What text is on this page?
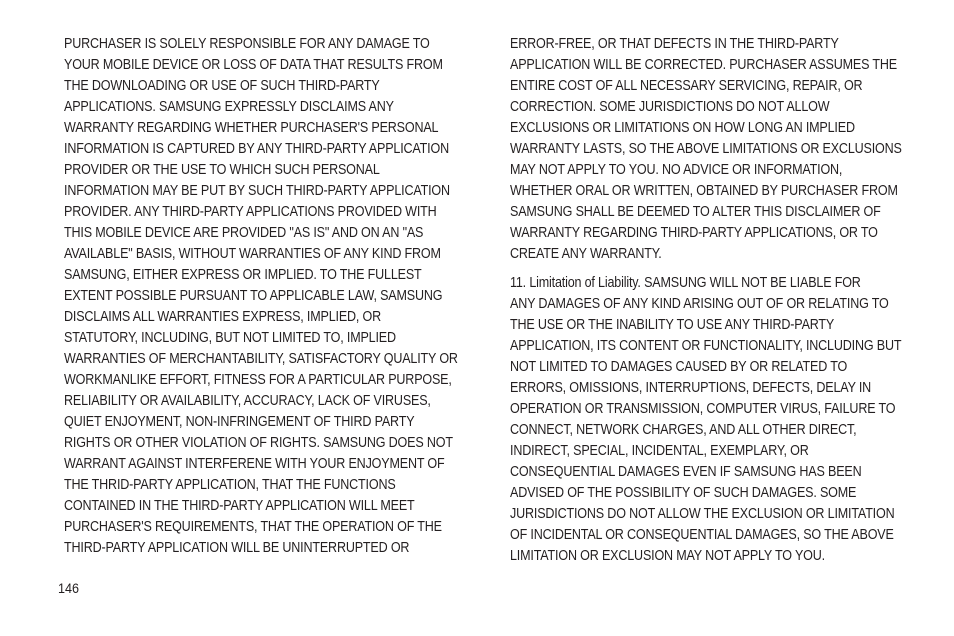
PURCHASER IS SOLELY RESPONSIBLE FOR ANY DAMAGE TO
YOUR MOBILE DEVICE OR LOSS OF DATA THAT RESULTS FROM
THE DOWNLOADING OR USE OF SUCH THIRD-PARTY
APPLICATIONS. SAMSUNG EXPRESSLY DISCLAIMS ANY
WARRANTY REGARDING WHETHER PURCHASER'S PERSONAL
INFORMATION IS CAPTURED BY ANY THIRD-PARTY APPLICATION
PROVIDER OR THE USE TO WHICH SUCH PERSONAL
INFORMATION MAY BE PUT BY SUCH THIRD-PARTY APPLICATION
PROVIDER. ANY THIRD-PARTY APPLICATIONS PROVIDED WITH
THIS MOBILE DEVICE ARE PROVIDED "AS IS" AND ON AN "AS
AVAILABLE" BASIS, WITHOUT WARRANTIES OF ANY KIND FROM
SAMSUNG, EITHER EXPRESS OR IMPLIED. TO THE FULLEST
EXTENT POSSIBLE PURSUANT TO APPLICABLE LAW, SAMSUNG
DISCLAIMS ALL WARRANTIES EXPRESS, IMPLIED, OR
STATUTORY, INCLUDING, BUT NOT LIMITED TO, IMPLIED
WARRANTIES OF MERCHANTABILITY, SATISFACTORY QUALITY OR
WORKMANLIKE EFFORT, FITNESS FOR A PARTICULAR PURPOSE,
RELIABILITY OR AVAILABILITY, ACCURACY, LACK OF VIRUSES,
QUIET ENJOYMENT, NON-INFRINGEMENT OF THIRD PARTY
RIGHTS OR OTHER VIOLATION OF RIGHTS. SAMSUNG DOES NOT
WARRANT AGAINST INTERFERENE WITH YOUR ENJOYMENT OF
THE THRID-PARTY APPLICATION, THAT THE FUNCTIONS
CONTAINED IN THE THIRD-PARTY APPLICATION WILL MEET
PURCHASER'S REQUIREMENTS, THAT THE OPERATION OF THE
THIRD-PARTY APPLICATION WILL BE UNINTERRUPTED OR

ERROR-FREE, OR THAT DEFECTS IN THE THIRD-PARTY
APPLICATION WILL BE CORRECTED. PURCHASER ASSUMES THE
ENTIRE COST OF ALL NECESSARY SERVICING, REPAIR, OR
CORRECTION. SOME JURISDICTIONS DO NOT ALLOW
EXCLUSIONS OR LIMITATIONS ON HOW LONG AN IMPLIED
WARRANTY LASTS, SO THE ABOVE LIMITATIONS OR EXCLUSIONS
MAY NOT APPLY TO YOU. NO ADVICE OR INFORMATION,
WHETHER ORAL OR WRITTEN, OBTAINED BY PURCHASER FROM
SAMSUNG SHALL BE DEEMED TO ALTER THIS DISCLAIMER OF
WARRANTY REGARDING THIRD-PARTY APPLICATIONS, OR TO
CREATE ANY WARRANTY.

11. Limitation of Liability. SAMSUNG WILL NOT BE LIABLE FOR
ANY DAMAGES OF ANY KIND ARISING OUT OF OR RELATING TO
THE USE OR THE INABILITY TO USE ANY THIRD-PARTY
APPLICATION, ITS CONTENT OR FUNCTIONALITY, INCLUDING BUT
NOT LIMITED TO DAMAGES CAUSED BY OR RELATED TO
ERRORS, OMISSIONS, INTERRUPTIONS, DEFECTS, DELAY IN
OPERATION OR TRANSMISSION, COMPUTER VIRUS, FAILURE TO
CONNECT, NETWORK CHARGES, AND ALL OTHER DIRECT,
INDIRECT, SPECIAL, INCIDENTAL, EXEMPLARY, OR
CONSEQUENTIAL DAMAGES EVEN IF SAMSUNG HAS BEEN
ADVISED OF THE POSSIBILITY OF SUCH DAMAGES. SOME
JURISDICTIONS DO NOT ALLOW THE EXCLUSION OR LIMITATION
OF INCIDENTAL OR CONSEQUENTIAL DAMAGES, SO THE ABOVE
LIMITATION OR EXCLUSION MAY NOT APPLY TO YOU.

146
